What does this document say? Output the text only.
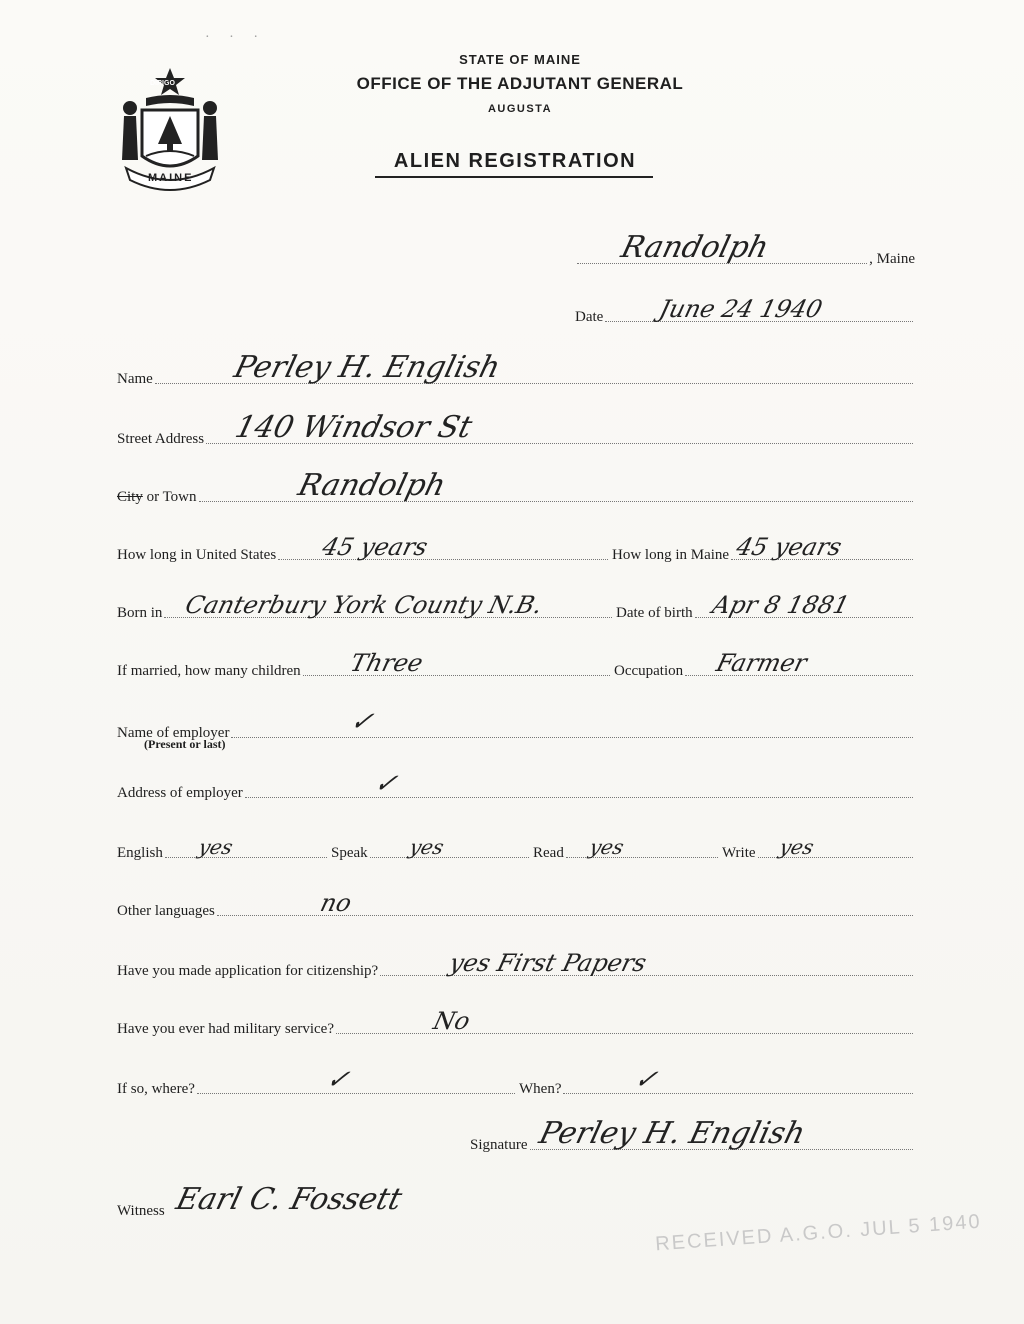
· · ·
MAINE
DIRIGO
STATE OF MAINE
OFFICE OF THE ADJUTANT GENERAL
AUGUSTA
ALIEN REGISTRATION
Randolph	, Maine
Date June 24 1940
Name	Perley H. English
Street Address 140 Windsor St
City or Town	Randolph
How long in United States 45 years	How long in Maine 45 years
Born in Canterbury York County N.B.	Date of birth Apr 8 1881
If married, how many children Three	Occupation Farmer
Name of employer	✓
(Present or last)
Address of employer	✓
English yes	Speak yes	Read yes	Write yes
Other languages	no
Have you made application for citizenship?	yes First Papers
Have you ever had military service?	No
If so, where?	✓	When?	✓
Signature Perley H. English
Witness Earl C. Fossett
RECEIVED A.G.O. JUL 5 1940
